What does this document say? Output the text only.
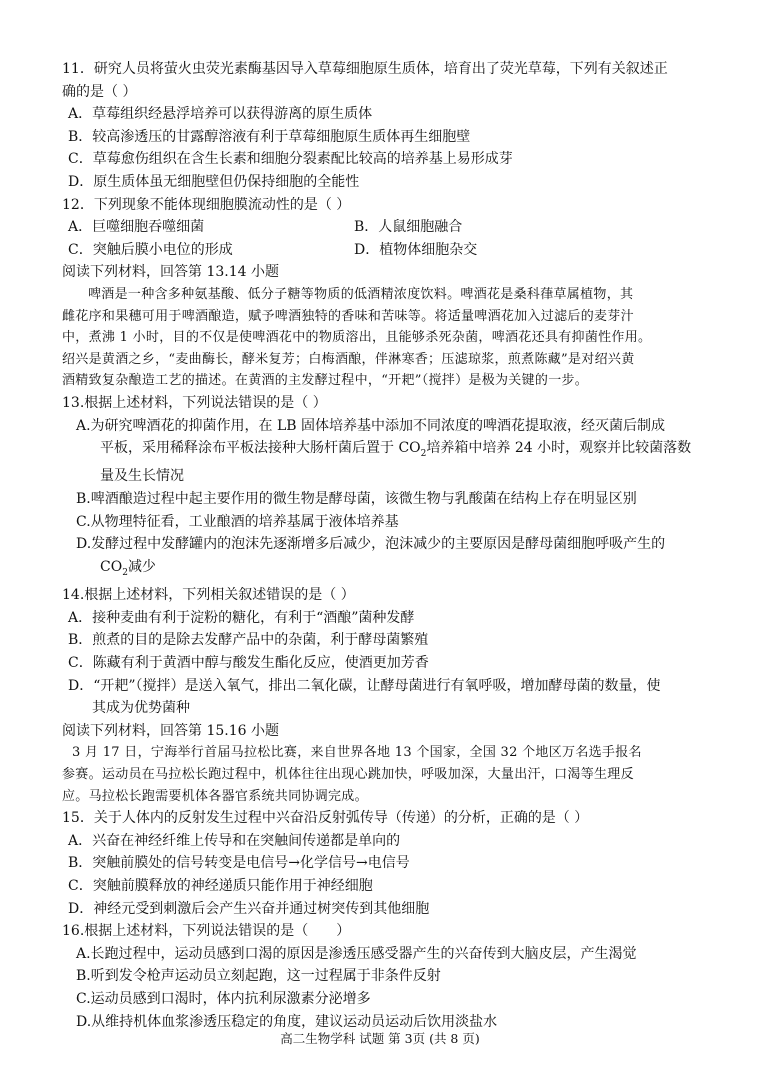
11．研究人员将萤火虫荧光素酶基因导入草莓细胞原生质体，培育出了荧光草莓，下列有关叙述正
确的是（ ）
A．草莓组织经悬浮培养可以获得游离的原生质体
B．较高渗透压的甘露醇溶液有利于草莓细胞原生质体再生细胞壁
C．草莓愈伤组织在含生长素和细胞分裂素配比较高的培养基上易形成芽
D．原生质体虽无细胞壁但仍保持细胞的全能性
12．下列现象不能体现细胞膜流动性的是（ ）
A．巨噬细胞吞噬细菌	B．人鼠细胞融合
C．突触后膜小电位的形成	D．植物体细胞杂交
阅读下列材料，回答第 13.14 小题
啤酒是一种含多种氨基酸、低分子糖等物质的低酒精浓度饮料。啤酒花是桑科葎草属植物，其
雌花序和果穗可用于啤酒酿造，赋予啤酒独特的香味和苦味等。将适量啤酒花加入过滤后的麦芽汁
中，煮沸 1 小时，目的不仅是使啤酒花中的物质溶出，且能够杀死杂菌，啤酒花还具有抑菌性作用。
绍兴是黄酒之乡，“麦曲酶长，酵米复芳；白梅酒酿，伴淋寒香；压滤琼浆，煎煮陈藏”是对绍兴黄
酒精致复杂酿造工艺的描述。在黄酒的主发酵过程中，“开耙”（搅拌）是极为关键的一步。
13.根据上述材料，下列说法错误的是（ ）
A.为研究啤酒花的抑菌作用，在 LB 固体培养基中添加不同浓度的啤酒花提取液，经灭菌后制成
平板，采用稀释涂布平板法接种大肠杆菌后置于 $CO_2$培养箱中培养 24 小时，观察并比较菌落数
量及生长情况
B.啤酒酿造过程中起主要作用的微生物是酵母菌，该微生物与乳酸菌在结构上存在明显区别
C.从物理特征看，工业酿酒的培养基属于液体培养基
D.发酵过程中发酵罐内的泡沫先逐渐增多后减少，泡沫减少的主要原因是酵母菌细胞呼吸产生的
$CO_2$减少
14.根据上述材料，下列相关叙述错误的是（ ）
A．接种麦曲有利于淀粉的糖化，有利于“酒酿”菌种发酵
B．煎煮的目的是除去发酵产品中的杂菌，利于酵母菌繁殖
C．陈藏有利于黄酒中醇与酸发生酯化反应，使酒更加芳香
D．“开耙”（搅拌）是送入氧气，排出二氧化碳，让酵母菌进行有氧呼吸，增加酵母菌的数量，使
其成为优势菌种
阅读下列材料，回答第 15.16 小题
3 月 17 日，宁海举行首届马拉松比赛，来自世界各地 13 个国家，全国 32 个地区万名选手报名
参赛。运动员在马拉松长跑过程中，机体往往出现心跳加快，呼吸加深，大量出汗，口渴等生理反
应。马拉松长跑需要机体各器官系统共同协调完成。
15．关于人体内的反射发生过程中兴奋沿反射弧传导（传递）的分析，正确的是（ ）
A．兴奋在神经纤维上传导和在突触间传递都是单向的
B．突触前膜处的信号转变是电信号→化学信号→电信号
C．突触前膜释放的神经递质只能作用于神经细胞
D．神经元受到刺激后会产生兴奋并通过树突传到其他细胞
16.根据上述材料，下列说法错误的是（　　）
A.长跑过程中，运动员感到口渴的原因是渗透压感受器产生的兴奋传到大脑皮层，产生渴觉
B.听到发令枪声运动员立刻起跑，这一过程属于非条件反射
C.运动员感到口渴时，体内抗利尿激素分泌增多
D.从维持机体血浆渗透压稳定的角度，建议运动员运动后饮用淡盐水
高二生物学科 试题 第 3页 (共 8 页)
